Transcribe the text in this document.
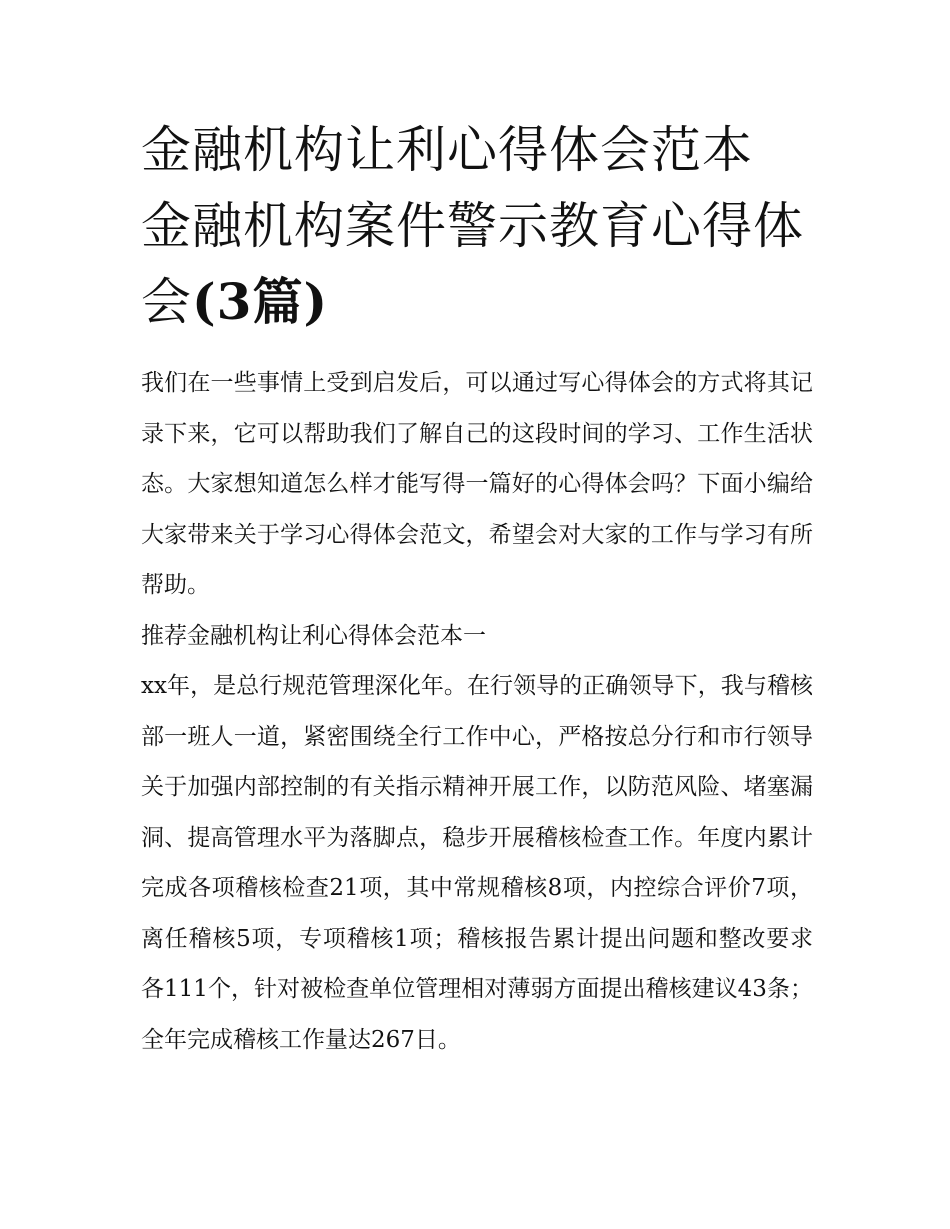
金融机构让利心得体会范本 金融机构案件警示教育心得体会(3篇)

我们在一些事情上受到启发后，可以通过写心得体会的方式将其记录下来，它可以帮助我们了解自己的这段时间的学习、工作生活状态。大家想知道怎么样才能写得一篇好的心得体会吗？下面小编给大家带来关于学习心得体会范文，希望会对大家的工作与学习有所帮助。

推荐金融机构让利心得体会范本一

xx年，是总行规范管理深化年。在行领导的正确领导下，我与稽核部一班人一道，紧密围绕全行工作中心，严格按总分行和市行领导关于加强内部控制的有关指示精神开展工作，以防范风险、堵塞漏洞、提高管理水平为落脚点，稳步开展稽核检查工作。年度内累计完成各项稽核检查21项，其中常规稽核8项，内控综合评价7项，离任稽核5项，专项稽核1项；稽核报告累计提出问题和整改要求各111个，针对被检查单位管理相对薄弱方面提出稽核建议43条；全年完成稽核工作量达267日。
